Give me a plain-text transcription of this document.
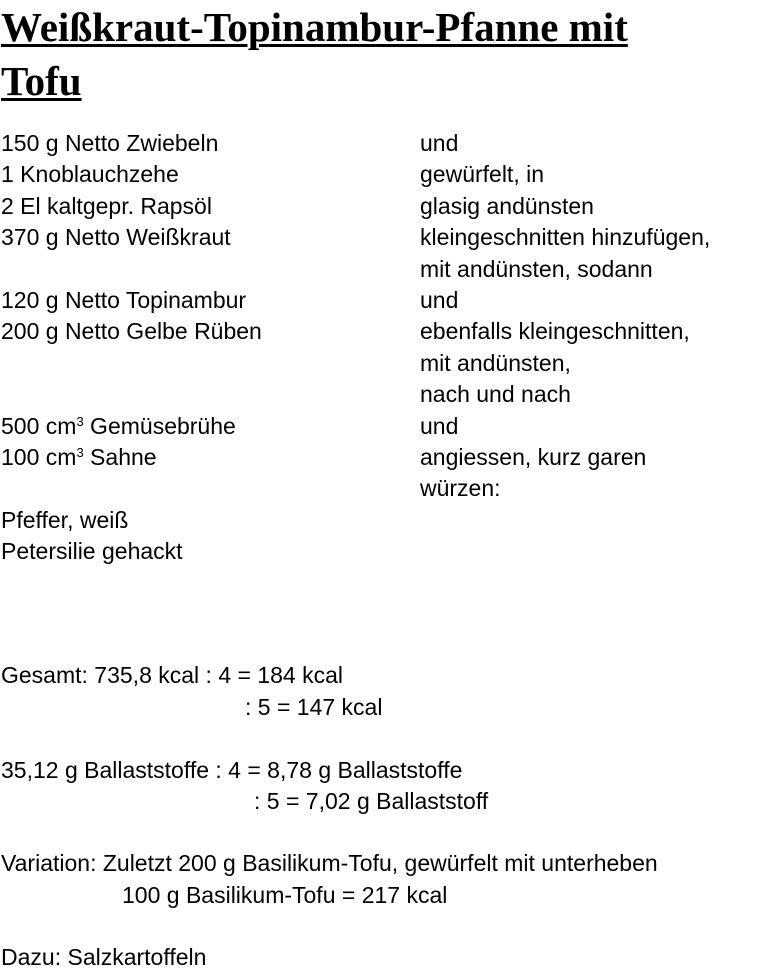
Weißkraut-Topinambur-Pfanne mit
Tofu
150 g Netto Zwiebeln	und
1 Knoblauchzehe	gewürfelt, in
2 El kaltgepr. Rapsöl	glasig andünsten
370 g Netto Weißkraut	kleingeschnitten hinzufügen,
mit andünsten, sodann
120 g Netto Topinambur	und
200 g Netto Gelbe Rüben	ebenfalls kleingeschnitten,
mit andünsten,
nach und nach
500 $cm^3$ Gemüsebrühe	und
100 $cm^3$ Sahne	angiessen, kurz garen
würzen:
Pfeffer, weiß
Petersilie gehackt
Gesamt: 735,8 kcal : 4 = 184 kcal
: 5 = 147 kcal
35,12 g Ballaststoffe : 4 = 8,78 g Ballaststoffe
: 5 = 7,02 g Ballaststoff
Variation: Zuletzt 200 g Basilikum-Tofu, gewürfelt mit unterheben
100 g Basilikum-Tofu = 217 kcal
Dazu: Salzkartoffeln
